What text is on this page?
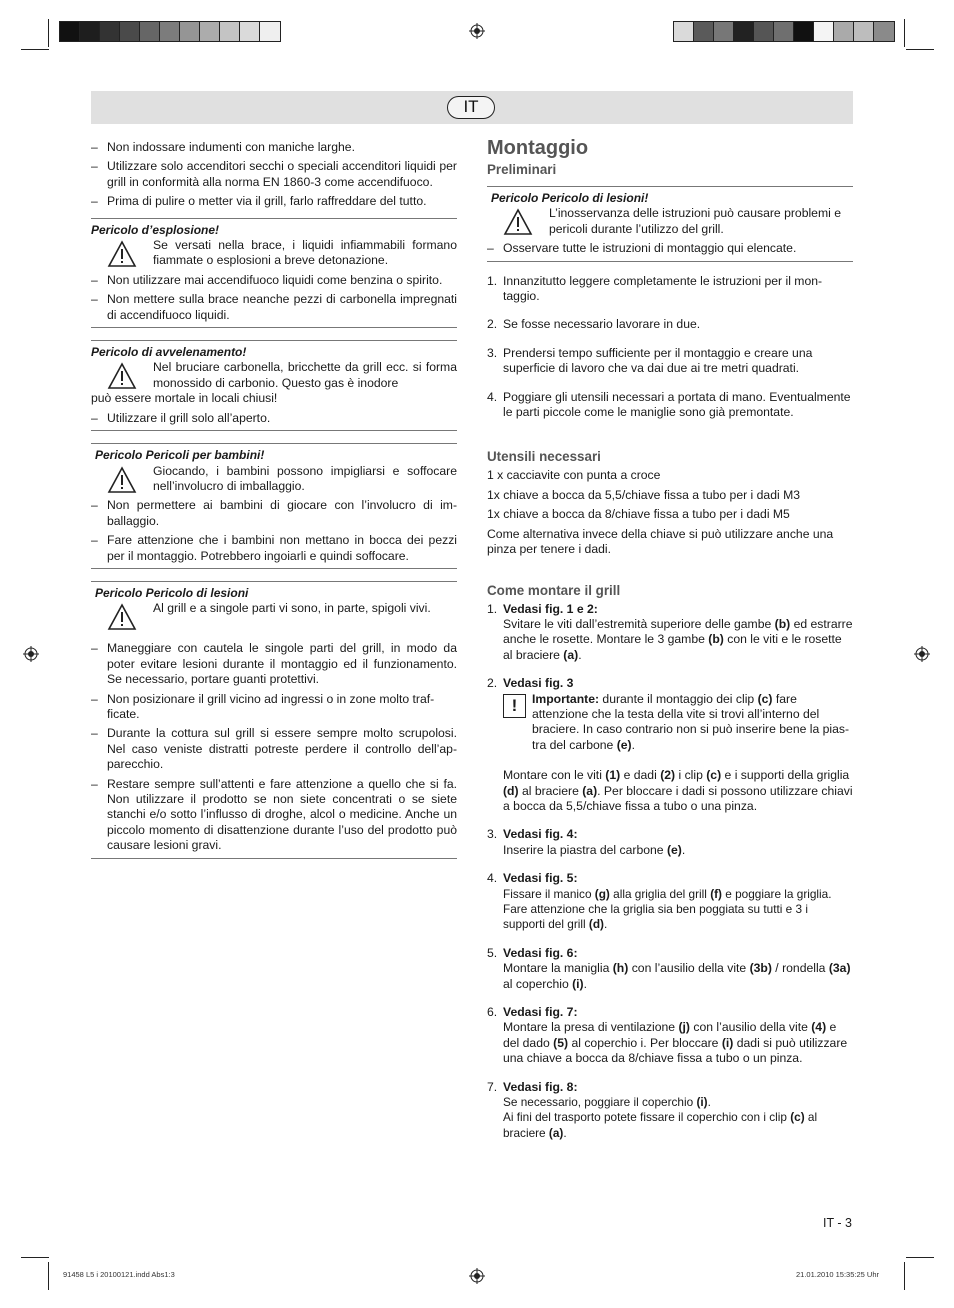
IT
– Non indossare indumenti con maniche larghe.
– Utilizzare solo accenditori secchi o speciali accenditori liquidi per grill in conformità alla norma EN 1860-3 come accendifuoco.
– Prima di pulire o metter via il grill, farlo raffreddare del tutto.
Pericolo d’esplosione!
Se versati nella brace, i liquidi infiammabili formano fiammate o esplosioni a breve detonazione.
– Non utilizzare mai accendifuoco liquidi come benzina o spirito.
– Non mettere sulla brace neanche pezzi di carbonella impregnati di accendifuoco liquidi.
Pericolo di avvelenamento!
Nel bruciare carbonella, bricchette da grill ecc. si forma monossido di carbonio. Questo gas è inodore
può essere mortale in locali chiusi!
– Utilizzare il grill solo all’aperto.
Pericolo Pericoli per bambini!
Giocando, i bambini possono impigliarsi e soffocare nell’involucro di imballaggio.
– Non permettere ai bambini di giocare con l’involucro di imballaggio.
– Fare attenzione che i bambini non mettano in bocca dei pezzi per il montaggio. Potrebbero ingoiarli e quindi soffocare.
Pericolo Pericolo di lesioni
Al grill e a singole parti vi sono, in parte, spigoli vivi.
– Maneggiare con cautela le singole parti del grill, in modo da poter evitare lesioni durante il montaggio ed il funzionamento. Se necessario, portare guanti protettivi.
– Non posizionare il grill vicino ad ingressi o in zone molto trafficate.
– Durante la cottura sul grill si essere sempre molto scrupolosi. Nel caso veniste distratti potreste perdere il controllo dell’apparecchio.
– Restare sempre sull’attenti e fare attenzione a quello che si fa. Non utilizzare il prodotto se non siete concentrati o se siete stanchi e/o sotto l’influsso di droghe, alcol o medicine. Anche un piccolo momento di disattenzione durante l’uso del prodotto può causare lesioni gravi.
Montaggio
Preliminari
Pericolo Pericolo di lesioni!
L’inosservanza delle istruzioni può causare problemi e pericoli durante l’utilizzo del grill.
– Osservare tutte le istruzioni di montaggio qui elencate.
1. Innanzitutto leggere completamente le istruzioni per il montaggio.
2. Se fosse necessario lavorare in due.
3. Prendersi tempo sufficiente per il montaggio e creare una superficie di lavoro che va dai due ai tre metri quadrati.
4. Poggiare gli utensili necessari a portata di mano. Eventualmente le parti piccole come le maniglie sono già premontate.
Utensili necessari
1 x cacciavite con punta a croce
1x chiave a bocca da 5,5/chiave fissa a tubo per i dadi M3
1x chiave a bocca da 8/chiave fissa a tubo per i dadi M5
Come alternativa invece della chiave si può utilizzare anche una pinza per tenere i dadi.
Come montare il grill
1. Vedasi fig. 1 e 2:
Svitare le viti dall’estremità superiore delle gambe (b) ed estrarre anche le rosette. Montare le 3 gambe (b) con le viti e le rosette al braciere (a).
2. Vedasi fig. 3
!	Importante: durante il montaggio dei clip (c) fare attenzione che la testa della vite si trovi all’interno del braciere. In caso contrario non si può inserire bene la piastra del carbone (e).
Montare con le viti (1) e dadi (2) i clip (c) e i supporti della griglia (d) al braciere (a). Per bloccare i dadi si possono utilizzare chiavi a bocca da 5,5/chiave fissa a tubo o una pinza.
3. Vedasi fig. 4:
Inserire la piastra del carbone (e).
4. Vedasi fig. 5:
Fissare il manico (g) alla griglia del grill (f) e poggiare la griglia. Fare attenzione che la griglia sia ben poggiata su tutti e 3 i supporti del grill (d).
5. Vedasi fig. 6:
Montare la maniglia (h) con l’ausilio della vite (3b) / rondella (3a) al coperchio (i).
6. Vedasi fig. 7:
Montare la presa di ventilazione (j) con l’ausilio della vite (4) e del dado (5) al coperchio i. Per bloccare (i) dadi si può utilizzare una chiave a bocca da 8/chiave fissa a tubo o un pinza.
7. Vedasi fig. 8:
Se necessario, poggiare il coperchio (i).
Ai fini del trasporto potete fissare il coperchio con i clip (c) al braciere (a).
IT - 3
91458 L5 i 20100121.indd Abs1:3	21.01.2010 15:35:25 Uhr
